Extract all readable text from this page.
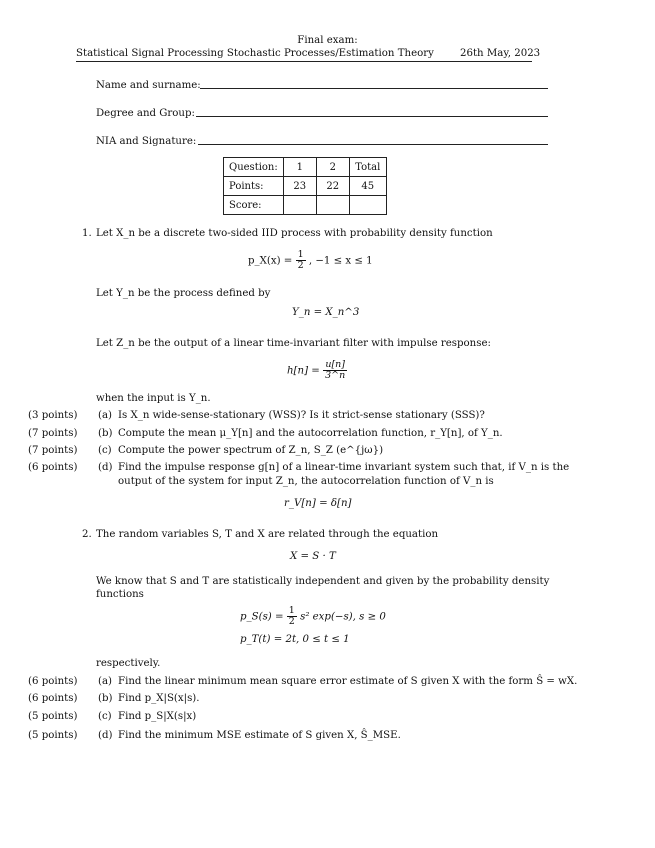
Final exam:
Statistical Signal Processing Stochastic Processes/Estimation Theory	26th May, 2023
Name and surname:
Degree and Group:
NIA and Signature:
Question:	1	2	Total
Points:	23	22	45
Score:			
1. Let X_n be a discrete two-sided IID process with probability density function
p_X(x) = $\frac{1}{2}$ , −1 ≤ x ≤ 1
Let Y_n be the process defined by
Y_n = X_n^3
Let Z_n be the output of a linear time-invariant filter with impulse response:
$h[n] = \frac{u[n]}{3\^{}n}$
when the input is Y_n.
(3 points) (a) Is X_n wide-sense-stationary (WSS)? Is it strict-sense stationary (SSS)?
(7 points) (b) Compute the mean μ_Y[n] and the autocorrelation function, r_Y[n], of Y_n.
(7 points) (c) Compute the power spectrum of Z_n, S_Z (e^{jω})
(6 points) (d) Find the impulse response g[n] of a linear-time invariant system such that, if V_n is the
output of the system for input Z_n, the autocorrelation function of V_n is
r_V[n] = δ[n]
2. The random variables S, T and X are related through the equation
X = S · T
We know that S and T are statistically independent and given by the probability density
functions
p_S(s) = $\frac{1}{2} s^2$ exp(−s), s ≥ 0
p_T(t) = 2t, 0 ≤ t ≤ 1
respectively.
(6 points) (a) Find the linear minimum mean square error estimate of S given X with the form Ŝ = wX.
(6 points) (b) Find p_X|S(x|s).
(5 points) (c) Find p_S|X(s|x)
(5 points) (d) Find the minimum MSE estimate of S given X, Ŝ_MSE.
